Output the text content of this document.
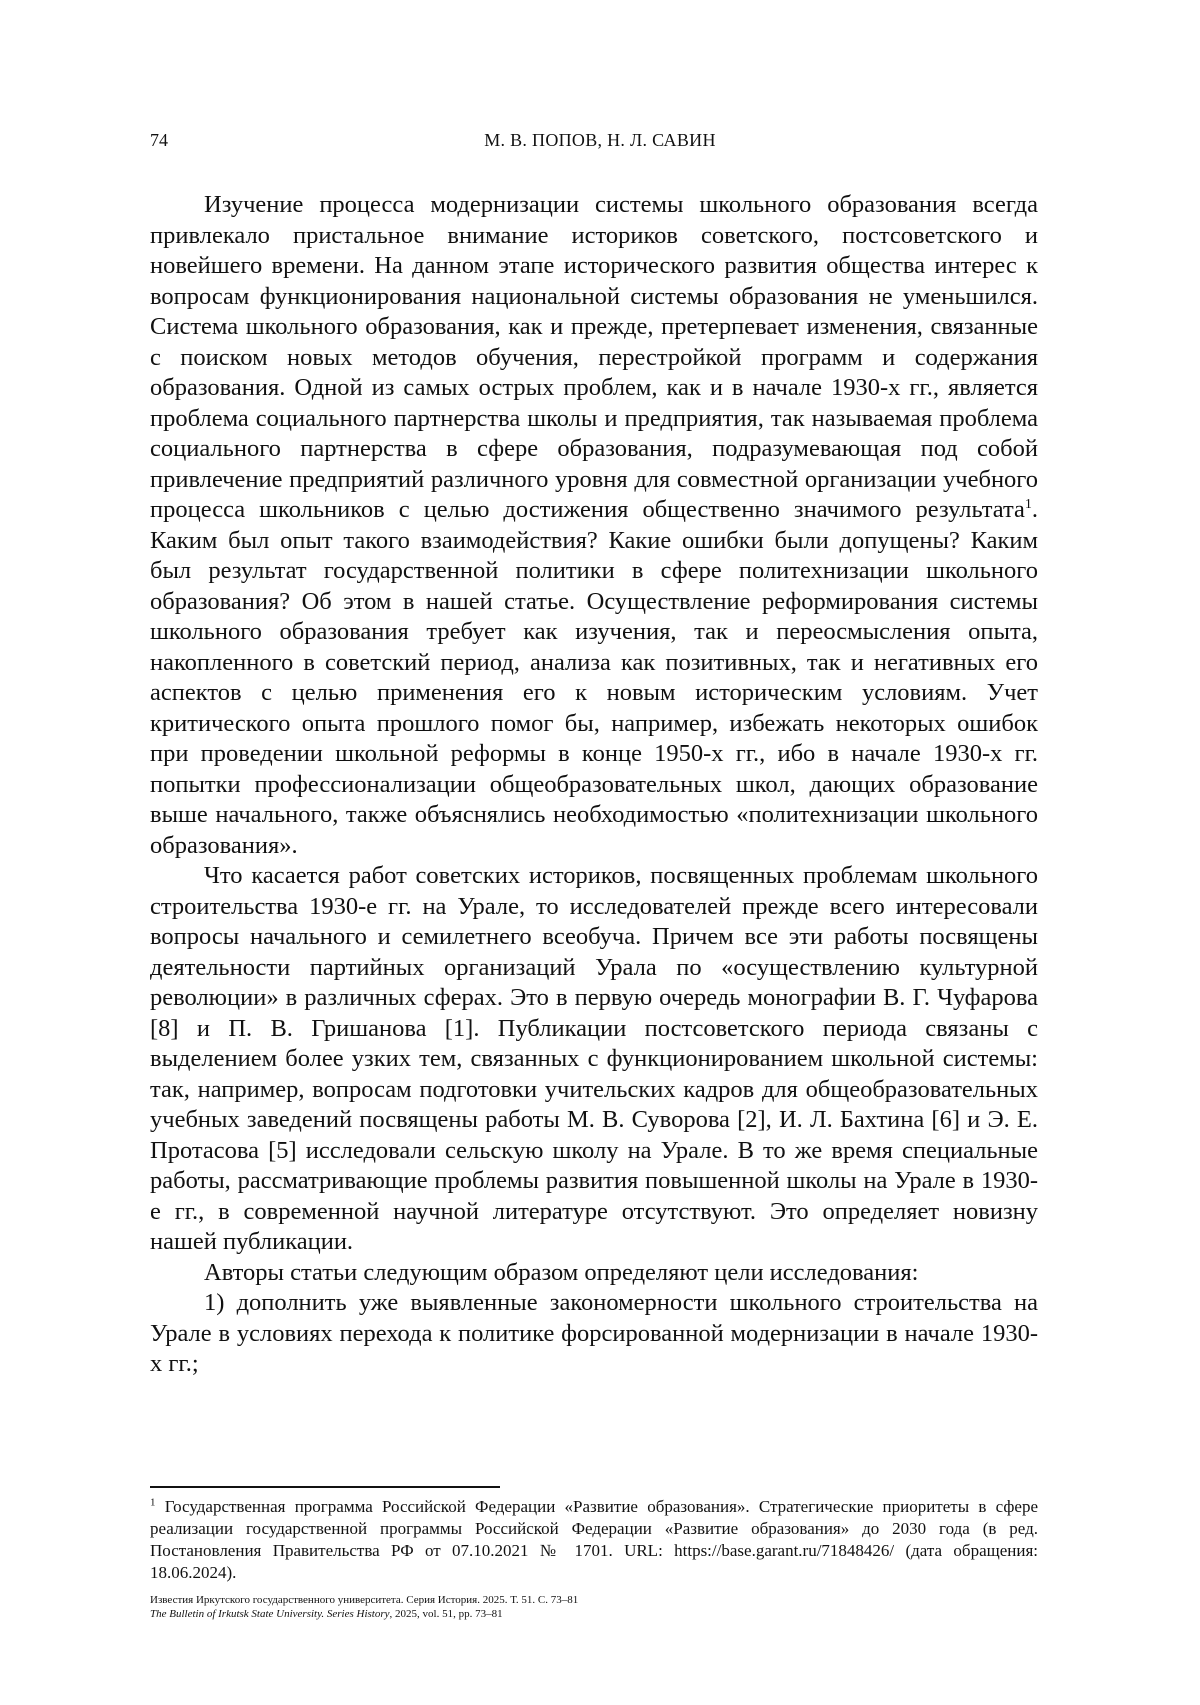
74	М. В. ПОПОВ, Н. Л. САВИН

Изучение процесса модернизации системы школьного образования всегда привлекало пристальное внимание историков советского, постсоветского и новейшего времени. На данном этапе исторического развития общества интерес к вопросам функционирования национальной системы образования не уменьшился. Система школьного образования, как и прежде, претерпевает изменения, связанные с поиском новых методов обучения, перестройкой программ и содержания образования. Одной из самых острых проблем, как и в начале 1930-х гг., является проблема социального партнерства школы и предприятия, так называемая проблема социального партнерства в сфере образования, подразумевающая под собой привлечение предприятий различного уровня для совместной организации учебного процесса школьников с целью достижения общественно значимого результата$^1$. Каким был опыт такого взаимодействия? Какие ошибки были допущены? Каким был результат государственной политики в сфере политехнизации школьного образования? Об этом в нашей статье. Осуществление реформирования системы школьного образования требует как изучения, так и переосмысления опыта, накопленного в советский период, анализа как позитивных, так и негативных его аспектов с целью применения его к новым историческим условиям. Учет критического опыта прошлого помог бы, например, избежать некоторых ошибок при проведении школьной реформы в конце 1950-х гг., ибо в начале 1930-х гг. попытки профессионализации общеобразовательных школ, дающих образование выше начального, также объяснялись необходимостью «политехнизации школьного образования».

Что касается работ советских историков, посвященных проблемам школьного строительства 1930-е гг. на Урале, то исследователей прежде всего интересовали вопросы начального и семилетнего всеобуча. Причем все эти работы посвящены деятельности партийных организаций Урала по «осуществлению культурной революции» в различных сферах. Это в первую очередь монографии В. Г. Чуфарова [8] и П. В. Гришанова [1]. Публикации постсоветского периода связаны с выделением более узких тем, связанных с функционированием школьной системы: так, например, вопросам подготовки учительских кадров для общеобразовательных учебных заведений посвящены работы М. В. Суворова [2], И. Л. Бахтина [6] и Э. Е. Протасова [5] исследовали сельскую школу на Урале. В то же время специальные работы, рассматривающие проблемы развития повышенной школы на Урале в 1930-е гг., в современной научной литературе отсутствуют. Это определяет новизну нашей публикации.

Авторы статьи следующим образом определяют цели исследования:

1) дополнить уже выявленные закономерности школьного строительства на Урале в условиях перехода к политике форсированной модернизации в начале 1930-х гг.;

$^1$ Государственная программа Российской Федерации «Развитие образования». Стратегические приоритеты в сфере реализации государственной программы Российской Федерации «Развитие образования» до 2030 года (в ред. Постановления Правительства РФ от 07.10.2021 № 1701. URL: https://base.garant.ru/71848426/ (дата обращения: 18.06.2024).

Известия Иркутского государственного университета. Серия История. 2025. Т. 51. С. 73–81
The Bulletin of Irkutsk State University. Series History, 2025, vol. 51, pp. 73–81
